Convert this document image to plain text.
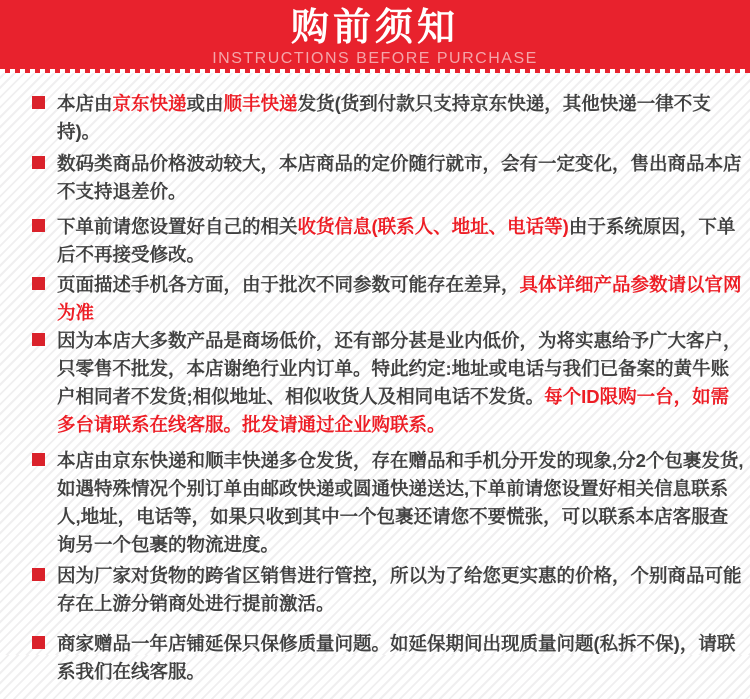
购前须知

INSTRUCTIONS BEFORE PURCHASE

本店由京东快递或由顺丰快递发货(货到付款只支持京东快递，其他快递一律不支持)。

数码类商品价格波动较大，本店商品的定价随行就市，会有一定变化，售出商品本店不支持退差价。

下单前请您设置好自己的相关收货信息(联系人、地址、电话等)由于系统原因，下单后不再接受修改。

页面描述手机各方面，由于批次不同参数可能存在差异，具体详细产品参数请以官网为准

因为本店大多数产品是商场低价，还有部分甚是业内低价，为将实惠给予广大客户，只零售不批发，本店谢绝行业内订单。特此约定:地址或电话与我们已备案的黄牛账户相同者不发货;相似地址、相似收货人及相同电话不发货。每个ID限购一台，如需多台请联系在线客服。批发请通过企业购联系。

本店由京东快递和顺丰快递多仓发货，存在赠品和手机分开发的现象,分2个包裹发货,如遇特殊情况个别订单由邮政快递或圆通快递送达,下单前请您设置好相关信息联系人,地址，电话等，如果只收到其中一个包裹还请您不要慌张，可以联系本店客服查询另一个包裹的物流进度。

因为厂家对货物的跨省区销售进行管控，所以为了给您更实惠的价格，个别商品可能存在上游分销商处进行提前激活。

商家赠品一年店铺延保只保修质量问题。如延保期间出现质量问题(私拆不保)，请联系我们在线客服。
